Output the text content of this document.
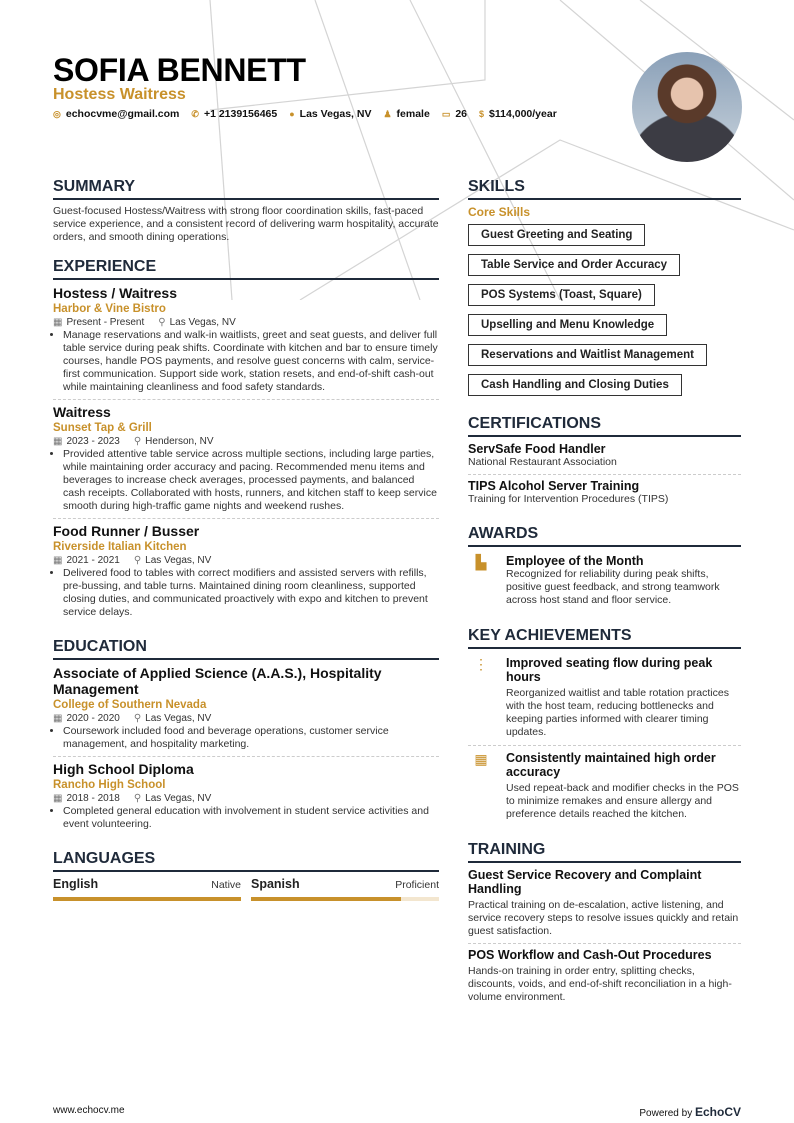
SOFIA BENNETT
Hostess Waitress
◎ echocvme@gmail.com ✆ +1 2139156465 ● Las Vegas, NV ♟ female ▭ 26 $ $114,000/year
SUMMARY

Guest-focused Hostess/Waitress with strong floor coordination skills, fast-paced service experience, and a consistent record of delivering warm hospitality, accurate orders, and smooth dining operations.

EXPERIENCE
Hostess / Waitress
Harbor & Vine Bistro
▦ Present - Present ⚲ Las Vegas, NV
• Manage reservations and walk-in waitlists, greet and seat guests, and deliver full table service during peak shifts. Coordinate with kitchen and bar to ensure timely courses, handle POS payments, and resolve guest concerns with calm, service-first communication. Support side work, station resets, and end-of-shift cash-out while maintaining cleanliness and food safety standards.
Waitress
Sunset Tap & Grill
▦ 2023 - 2023 ⚲ Henderson, NV
• Provided attentive table service across multiple sections, including large parties, while maintaining order accuracy and pacing. Recommended menu items and beverages to increase check averages, processed payments, and balanced cash receipts. Collaborated with hosts, runners, and kitchen staff to keep service smooth during high-traffic game nights and weekend rushes.
Food Runner / Busser
Riverside Italian Kitchen
▦ 2021 - 2021 ⚲ Las Vegas, NV
• Delivered food to tables with correct modifiers and assisted servers with refills, pre-bussing, and table turns. Maintained dining room cleanliness, supported closing duties, and communicated proactively with expo and kitchen to prevent service delays.
EDUCATION
Associate of Applied Science (A.A.S.), Hospitality Management
College of Southern Nevada
▦ 2020 - 2020 ⚲ Las Vegas, NV
• Coursework included food and beverage operations, customer service management, and hospitality marketing.
High School Diploma
Rancho High School
▦ 2018 - 2018 ⚲ Las Vegas, NV
• Completed general education with involvement in student service activities and event volunteering.
LANGUAGES
English	Native Spanish	Proficient
SKILLS
Core Skills
Guest Greeting and Seating
Table Service and Order Accuracy
POS Systems (Toast, Square)
Upselling and Menu Knowledge
Reservations and Waitlist Management
Cash Handling and Closing Duties
CERTIFICATIONS
ServSafe Food Handler

National Restaurant Association

TIPS Alcohol Server Training

Training for Intervention Procedures (TIPS)

AWARDS
▙	Employee of the Month

Recognized for reliability during peak shifts, positive guest feedback, and strong teamwork across host stand and floor service.

KEY ACHIEVEMENTS
⋮	Improved seating flow during peak hours

Reorganized waitlist and table rotation practices with the host team, reducing bottlenecks and keeping parties informed with clearer timing updates.

▦	Consistently maintained high order accuracy

Used repeat-back and modifier checks in the POS to minimize remakes and ensure allergy and preference details reached the kitchen.

TRAINING
Guest Service Recovery and Complaint Handling

Practical training on de-escalation, active listening, and service recovery steps to resolve issues quickly and retain guest satisfaction.

POS Workflow and Cash-Out Procedures

Hands-on training in order entry, splitting checks, discounts, voids, and end-of-shift reconciliation in a high-volume environment.

www.echocv.me	Powered by EchoCV
